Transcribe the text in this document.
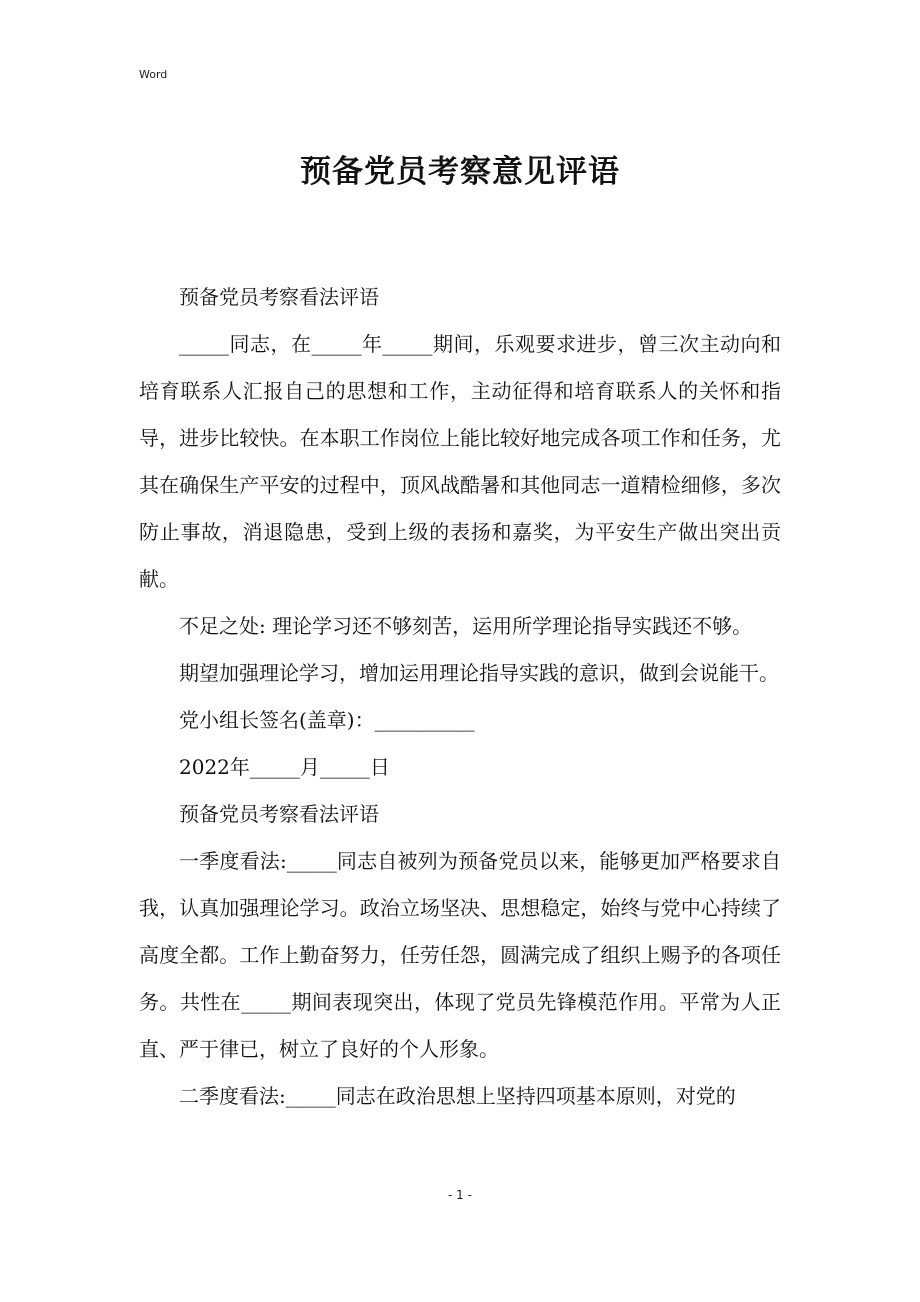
Word
预备党员考察意见评语

预备党员考察看法评语

_____同志，在_____年_____期间，乐观要求进步，曾三次主动向和培育联系人汇报自己的思想和工作，主动征得和培育联系人的关怀和指导，进步比较快。在本职工作岗位上能比较好地完成各项工作和任务，尤其在确保生产平安的过程中，顶风战酷暑和其他同志一道精检细修，多次防止事故，消退隐患，受到上级的表扬和嘉奖，为平安生产做出突出贡献。

不足之处: 理论学习还不够刻苦，运用所学理论指导实践还不够。

期望加强理论学习，增加运用理论指导实践的意识，做到会说能干。

党小组长签名(盖章)：__________

2022年_____月_____日

预备党员考察看法评语

一季度看法:_____同志自被列为预备党员以来，能够更加严格要求自我，认真加强理论学习。政治立场坚决、思想稳定，始终与党中心持续了高度全都。工作上勤奋努力，任劳任怨，圆满完成了组织上赐予的各项任务。共性在_____期间表现突出，体现了党员先锋模范作用。平常为人正直、严于律已，树立了良好的个人形象。

二季度看法:_____同志在政治思想上坚持四项基本原则，对党的

- 1 -
